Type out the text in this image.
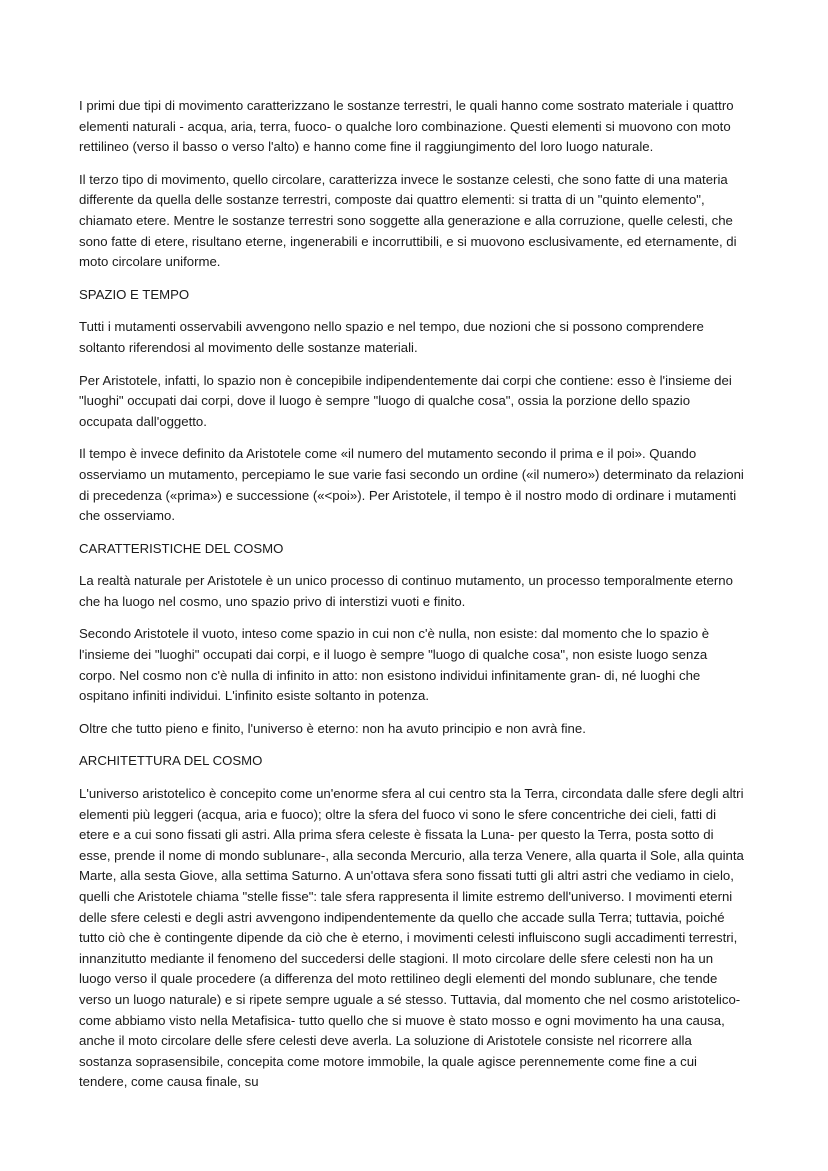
I primi due tipi di movimento caratterizzano le sostanze terrestri, le quali hanno come sostrato materiale i quattro elementi naturali - acqua, aria, terra, fuoco- o qualche loro combinazione. Questi elementi si muovono con moto rettilineo (verso il basso o verso l'alto) e hanno come fine il raggiungimento del loro luogo naturale.

Il terzo tipo di movimento, quello circolare, caratterizza invece le sostanze celesti, che sono fatte di una materia differente da quella delle sostanze terrestri, composte dai quattro elementi: si tratta di un "quinto elemento", chiamato etere. Mentre le sostanze terrestri sono soggette alla generazione e alla corruzione, quelle celesti, che sono fatte di etere, risultano eterne, ingenerabili e incorruttibili, e si muovono esclusivamente, ed eternamente, di moto circolare uniforme.

SPAZIO E TEMPO

Tutti i mutamenti osservabili avvengono nello spazio e nel tempo, due nozioni che si possono comprendere soltanto riferendosi al movimento delle sostanze materiali.

Per Aristotele, infatti, lo spazio non è concepibile indipendentemente dai corpi che contiene: esso è l'insieme dei "luoghi" occupati dai corpi, dove il luogo è sempre "luogo di qualche cosa", ossia la porzione dello spazio occupata dall'oggetto.

Il tempo è invece definito da Aristotele come «il numero del mutamento secondo il prima e il poi». Quando osserviamo un mutamento, percepiamo le sue varie fasi secondo un ordine («il numero») determinato da relazioni di precedenza («prima») e successione («<poi»). Per Aristotele, il tempo è il nostro modo di ordinare i mutamenti che osserviamo.

CARATTERISTICHE DEL COSMO

La realtà naturale per Aristotele è un unico processo di continuo mutamento, un processo temporalmente eterno che ha luogo nel cosmo, uno spazio privo di interstizi vuoti e finito.

Secondo Aristotele il vuoto, inteso come spazio in cui non c'è nulla, non esiste: dal momento che lo spazio è l'insieme dei "luoghi" occupati dai corpi, e il luogo è sempre "luogo di qualche cosa", non esiste luogo senza corpo. Nel cosmo non c'è nulla di infinito in atto: non esistono individui infinitamente gran- di, né luoghi che ospitano infiniti individui. L'infinito esiste soltanto in potenza.

Oltre che tutto pieno e finito, l'universo è eterno: non ha avuto principio e non avrà fine.

ARCHITETTURA DEL COSMO

L'universo aristotelico è concepito come un'enorme sfera al cui centro sta la Terra, circondata dalle sfere degli altri elementi più leggeri (acqua, aria e fuoco); oltre la sfera del fuoco vi sono le sfere concentriche dei cieli, fatti di etere e a cui sono fissati gli astri. Alla prima sfera celeste è fissata la Luna- per questo la Terra, posta sotto di esse, prende il nome di mondo sublunare-, alla seconda Mercurio, alla terza Venere, alla quarta il Sole, alla quinta Marte, alla sesta Giove, alla settima Saturno. A un'ottava sfera sono fissati tutti gli altri astri che vediamo in cielo, quelli che Aristotele chiama "stelle fisse": tale sfera rappresenta il limite estremo dell'universo. I movimenti eterni delle sfere celesti e degli astri avvengono indipendentemente da quello che accade sulla Terra; tuttavia, poiché tutto ciò che è contingente dipende da ciò che è eterno, i movimenti celesti influiscono sugli accadimenti terrestri, innanzitutto mediante il fenomeno del succedersi delle stagioni. Il moto circolare delle sfere celesti non ha un luogo verso il quale procedere (a differenza del moto rettilineo degli elementi del mondo sublunare, che tende verso un luogo naturale) e si ripete sempre uguale a sé stesso. Tuttavia, dal momento che nel cosmo aristotelico- come abbiamo visto nella Metafisica- tutto quello che si muove è stato mosso e ogni movimento ha una causa, anche il moto circolare delle sfere celesti deve averla. La soluzione di Aristotele consiste nel ricorrere alla sostanza soprasensibile, concepita come motore immobile, la quale agisce perennemente come fine a cui tendere, come causa finale, su
